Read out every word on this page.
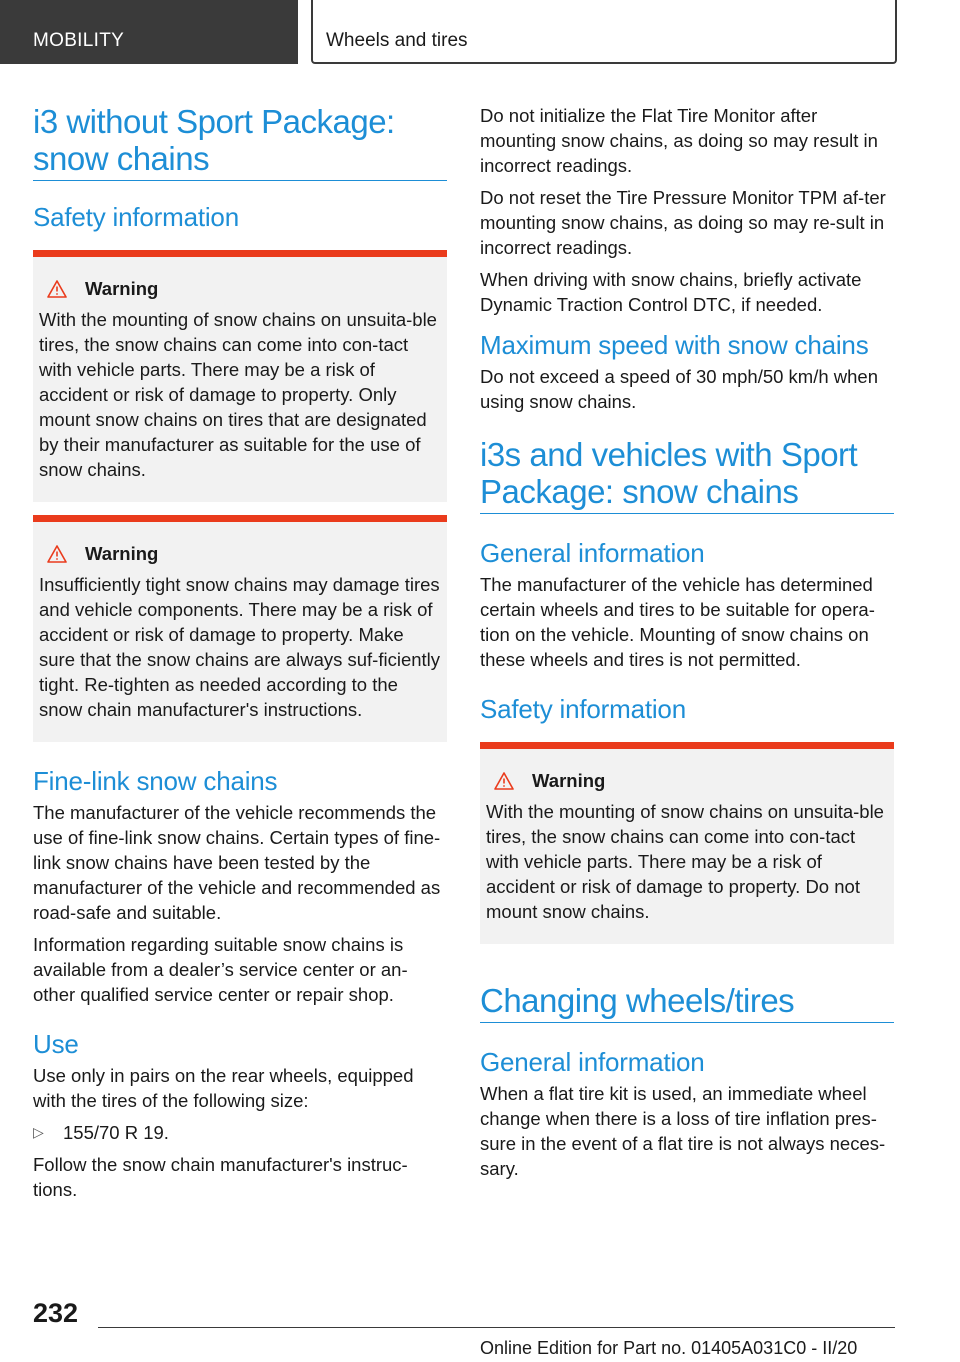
MOBILITY	Wheels and tires
i3 without Sport Package: snow chains
Safety information
Warning

With the mounting of snow chains on unsuita-ble tires, the snow chains can come into con-tact with vehicle parts. There may be a risk of accident or risk of damage to property. Only mount snow chains on tires that are designated by their manufacturer as suitable for the use of snow chains.

Warning

Insufficiently tight snow chains may damage tires and vehicle components. There may be a risk of accident or risk of damage to property. Make sure that the snow chains are always suf-ficiently tight. Re-tighten as needed according to the snow chain manufacturer's instructions.

Fine-link snow chains

The manufacturer of the vehicle recommends the use of fine-link snow chains. Certain types of fine-link snow chains have been tested by the manufacturer of the vehicle and recommended as road-safe and suitable.

Information regarding suitable snow chains is available from a dealer’s service center or an-other qualified service center or repair shop.

Use

Use only in pairs on the rear wheels, equipped with the tires of the following size:

▷	155/70 R 19.

Follow the snow chain manufacturer's instruc-tions.

Do not initialize the Flat Tire Monitor after mounting snow chains, as doing so may result in incorrect readings.

Do not reset the Tire Pressure Monitor TPM af-ter mounting snow chains, as doing so may re-sult in incorrect readings.

When driving with snow chains, briefly activate Dynamic Traction Control DTC, if needed.

Maximum speed with snow chains

Do not exceed a speed of 30 mph/50 km/h when using snow chains.

i3s and vehicles with Sport Package: snow chains
General information

The manufacturer of the vehicle has determined certain wheels and tires to be suitable for opera-tion on the vehicle. Mounting of snow chains on these wheels and tires is not permitted.

Safety information
Warning

With the mounting of snow chains on unsuita-ble tires, the snow chains can come into con-tact with vehicle parts. There may be a risk of accident or risk of damage to property. Do not mount snow chains.

Changing wheels/tires
General information

When a flat tire kit is used, an immediate wheel change when there is a loss of tire inflation pres-sure in the event of a flat tire is not always neces-sary.

232
Online Edition for Part no. 01405A031C0 - II/20
